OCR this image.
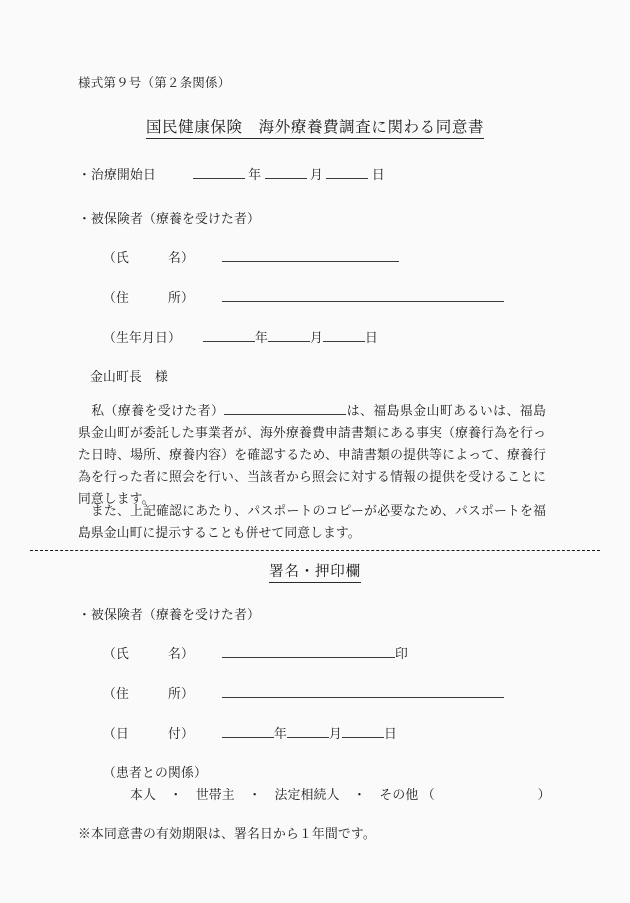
様式第９号（第２条関係）
国民健康保険　海外療養費調査に関わる同意書
・治療開始日	年	月	日
・被保険者（療養を受けた者）
（氏　　　名）
（住　　　所）
（生年月日）	年	月	日
金山町長　様
私（療養を受けた者）	は、福島県金山町あるいは、福島県金山町が委託した事業者が、海外療養費申請書類にある事実（療養行為を行った日時、場所、療養内容）を確認するため、申請書類の提供等によって、療養行為を行った者に照会を行い、当該者から照会に対する情報の提供を受けることに同意します。
また、上記確認にあたり、パスポートのコピーが必要なため、パスポートを福島県金山町に提示することも併せて同意します。
署名・押印欄
・被保険者（療養を受けた者）
（氏　　　名）	印
（住　　　所）
（日　　　付）	年	月	日
（患者との関係）
本人 ・ 世帯主 ・ 法定相続人 ・ その他 （	）
※本同意書の有効期限は、署名日から１年間です。
